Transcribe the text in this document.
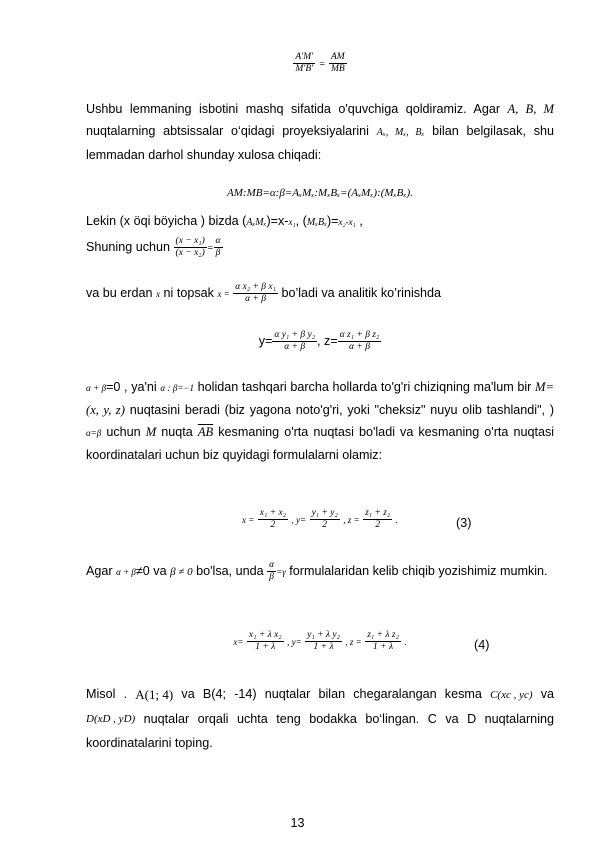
$\frac{A'M'}{M'B'} = \frac{AM}{MB}$
Ushbu lemmaning isbotini mashq sifatida o'quvchiga qoldiramiz. Agar A, B, M nuqtalarning abtsissalar o‘qidagi proyeksiyalarini Aₓ, Mₓ, Bₓ bilan belgilasak, shu lemmadan darhol shunday xulosa chiqadi:
AM:MB=α:β=AₓMₓ:MₓBₓ=(AₓMₓ):(MₓBₓ).
Lekin (x öqi böyicha ) bizda (AₓMₓ)=x-x₁, (MₓBₓ)=x₂-x₁ ,
Shuning uchun $\frac{\text{(x − x₁)}}{\text{(x − x₂)}} = \frac{\alpha}{\beta}$
va bu erdan x ni topsak $x = \frac{\text{α x₂ + β x₁}}{\alpha + \beta}$ bo’ladi va analitik ko’rinishda
$y= \frac{\text{α y₁ + β y₂}}{\alpha + \beta}$ , $z= \frac{\text{α z₁ + β z₂}}{\alpha + \beta}$
α + β=0 , ya'ni α : β=−1 holidan tashqari barcha hollarda to'g'ri chiziqning ma'lum bir M= (x, y, z) nuqtasini beradi (biz yagona noto'g'ri, yoki "cheksiz" nuyu olib tashlandi", ) α=β uchun M nuqta $\overline{AB}$ kesmaning o'rta nuqtasi bo'ladi va kesmaning o'rta nuqtasi koordinatalari uchun biz quyidagi formulalarni olamiz:
$x = \frac{\text{x₁ + x₂}}{2}$ , $y= \frac{\text{y₁ + y₂}}{2}$ , $z = \frac{\text{z₁ + z₂}}{2}$ .	(3)
Agar α + β≠0 va β ≠ 0 bo'lsa, unda $\frac{\alpha}{\beta} =\gamma$ formulalaridan kelib chiqib yozishimiz mumkin.
$x= \frac{\text{x₁ + λ x₂}}{1 + \lambda}$ , $y= \frac{\text{y₁ + λ y₂}}{1 + \lambda}$ , $z = \frac{\text{z₁ + λ z₂}}{1 + \lambda}$ .	(4)
Misol . A(1; 4) va B(4; -14) nuqtalar bilan chegaralangan kesma C(xc , yc) va D(xD , yD) nuqtalar orqali uchta teng bodakka bo‘lingan. C va D nuqtalarning koordinatalarini toping.
13
